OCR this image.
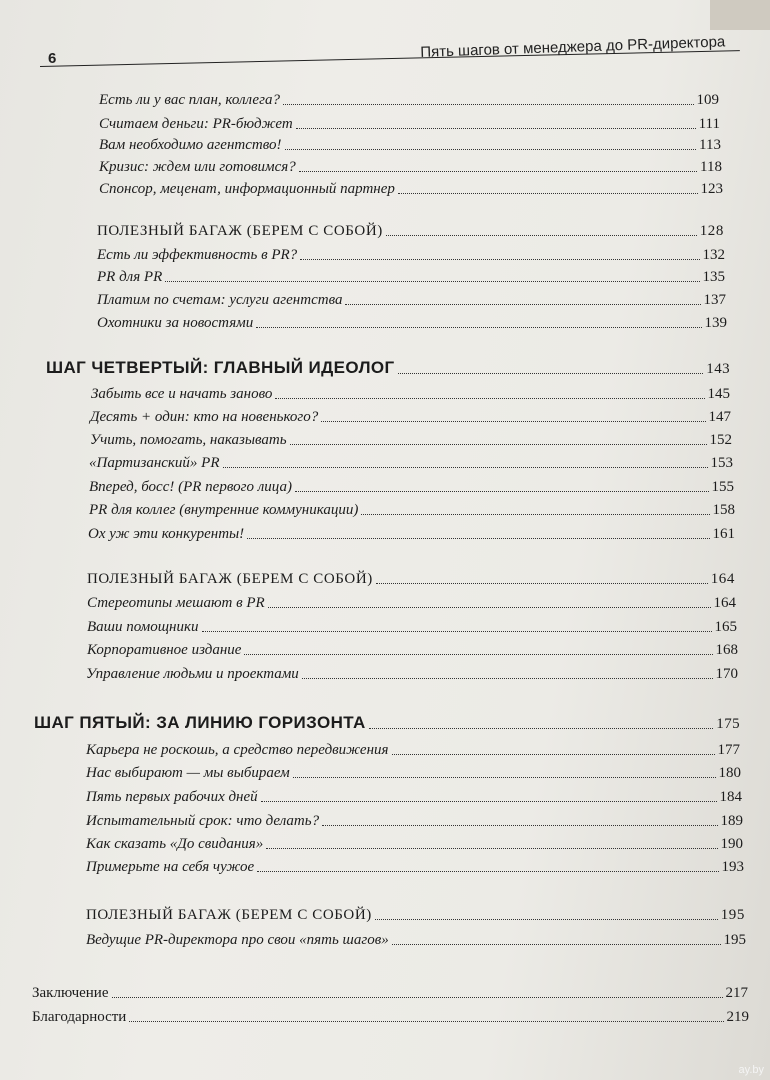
6	Пять шагов от менеджера до PR-директора
Есть ли у вас план, коллега?	109
Считаем деньги: PR-бюджет	111
Вам необходимо агентство!	113
Кризис: ждем или готовимся?	118
Спонсор, меценат, информационный партнер	123
ПОЛЕЗНЫЙ БАГАЖ (БЕРЕМ С СОБОЙ)	128
Есть ли эффективность в PR?	132
PR для PR	135
Платим по счетам: услуги агентства	137
Охотники за новостями	139
ШАГ ЧЕТВЕРТЫЙ: ГЛАВНЫЙ ИДЕОЛОГ	143
Забыть все и начать заново	145
Десять + один: кто на новенького?	147
Учить, помогать, наказывать	152
«Партизанский» PR	153
Вперед, босс! (PR первого лица)	155
PR для коллег (внутренние коммуникации)	158
Ох уж эти конкуренты!	161
ПОЛЕЗНЫЙ БАГАЖ (БЕРЕМ С СОБОЙ)	164
Стереотипы мешают в PR	164
Ваши помощники	165
Корпоративное издание	168
Управление людьми и проектами	170
ШАГ ПЯТЫЙ: ЗА ЛИНИЮ ГОРИЗОНТА	175
Карьера не роскошь, а средство передвижения	177
Нас выбирают — мы выбираем	180
Пять первых рабочих дней	184
Испытательный срок: что делать?	189
Как сказать «До свидания»	190
Примерьте на себя чужое	193
ПОЛЕЗНЫЙ БАГАЖ (БЕРЕМ С СОБОЙ)	195
Ведущие PR-директора про свои «пять шагов»	195
Заключение	217
Благодарности	219
ay.by
